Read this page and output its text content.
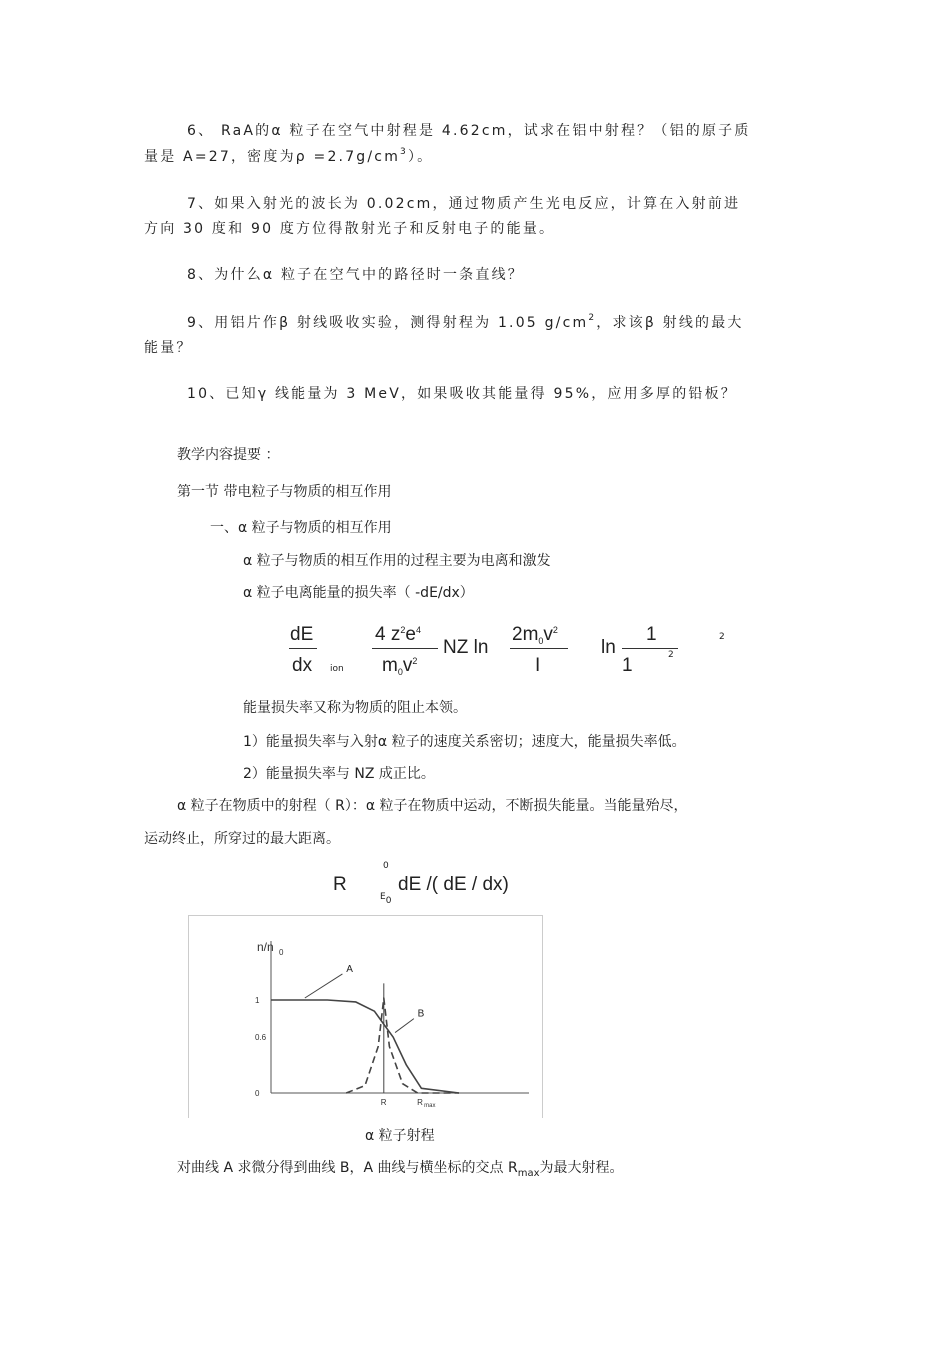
6、 RaA的α 粒子在空气中射程是 4.62cm，试求在铝中射程？（铝的原子质
量是 A=27，密度为$\rho =2.7g/cm^3$）。
7、如果入射光的波长为 0.02cm，通过物质产生光电反应，计算在入射前进
方向 30 度和 90 度方位得散射光子和反射电子的能量。
8、为什么α 粒子在空气中的路径时一条直线？
9、用铝片作β 射线吸收实验，测得射程为 1.05 $g/cm^2$，求该β 射线的最大
能量？
10、已知γ 线能量为 3 MeV，如果吸收其能量得 95%，应用多厚的铅板？
教学内容提要 ：
第一节 带电粒子与物质的相互作用
一、α 粒子与物质的相互作用
α 粒子与物质的相互作用的过程主要为电离和激发
α 粒子电离能量的损失率（ -dE/dx）
dE
dx ion
4 $z^2e^4$
$m_0v^2$
NZ ln
$2m_0v^2$
I
ln
1
1	2
2
能量损失率又称为物质的阻止本领。
1）能量损失率与入射α 粒子的速度关系密切；速度大，能量损失率低。
2）能量损失率与 NZ 成正比。
α 粒子在物质中的射程（ R）：α 粒子在物质中运动，不断损失能量。当能量殆尽，
运动终止，所穿过的最大距离。
R
0
E0
dE /( dE / dx)
n/n 0
1
0.6
0
R	R max
A
B
α 粒子射程
对曲线 A 求微分得到曲线 B，A 曲线与横坐标的交点 $R_{max}$为最大射程。
